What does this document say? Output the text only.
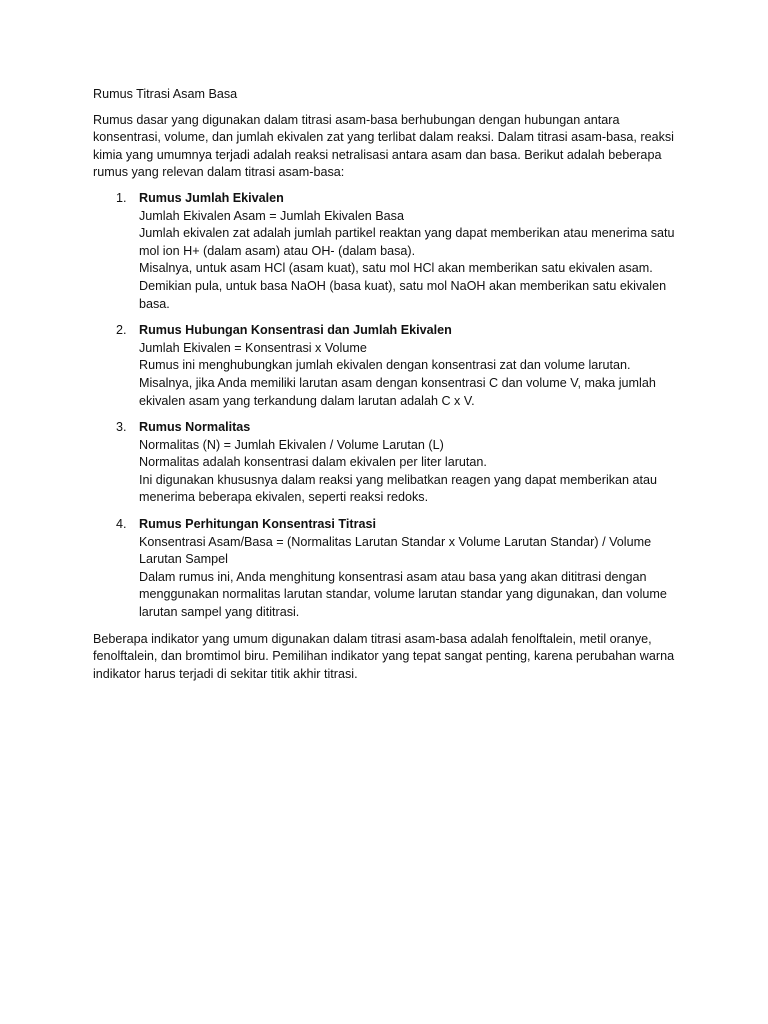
Rumus Titrasi Asam Basa

Rumus dasar yang digunakan dalam titrasi asam-basa berhubungan dengan hubungan antara konsentrasi, volume, dan jumlah ekivalen zat yang terlibat dalam reaksi. Dalam titrasi asam-basa, reaksi kimia yang umumnya terjadi adalah reaksi netralisasi antara asam dan basa. Berikut adalah beberapa rumus yang relevan dalam titrasi asam-basa:

1. Rumus Jumlah Ekivalen
Jumlah Ekivalen Asam = Jumlah Ekivalen Basa
Jumlah ekivalen zat adalah jumlah partikel reaktan yang dapat memberikan atau menerima satu mol ion H+ (dalam asam) atau OH- (dalam basa).
Misalnya, untuk asam HCl (asam kuat), satu mol HCl akan memberikan satu ekivalen asam. Demikian pula, untuk basa NaOH (basa kuat), satu mol NaOH akan memberikan satu ekivalen basa.
2. Rumus Hubungan Konsentrasi dan Jumlah Ekivalen
Jumlah Ekivalen = Konsentrasi x Volume
Rumus ini menghubungkan jumlah ekivalen dengan konsentrasi zat dan volume larutan.
Misalnya, jika Anda memiliki larutan asam dengan konsentrasi C dan volume V, maka jumlah ekivalen asam yang terkandung dalam larutan adalah C x V.
3. Rumus Normalitas
Normalitas (N) = Jumlah Ekivalen / Volume Larutan (L)
Normalitas adalah konsentrasi dalam ekivalen per liter larutan.
Ini digunakan khususnya dalam reaksi yang melibatkan reagen yang dapat memberikan atau menerima beberapa ekivalen, seperti reaksi redoks.
4. Rumus Perhitungan Konsentrasi Titrasi
Konsentrasi Asam/Basa = (Normalitas Larutan Standar x Volume Larutan Standar) / Volume Larutan Sampel
Dalam rumus ini, Anda menghitung konsentrasi asam atau basa yang akan dititrasi dengan menggunakan normalitas larutan standar, volume larutan standar yang digunakan, dan volume larutan sampel yang dititrasi.

Beberapa indikator yang umum digunakan dalam titrasi asam-basa adalah fenolftalein, metil oranye, fenolftalein, dan bromtimol biru. Pemilihan indikator yang tepat sangat penting, karena perubahan warna indikator harus terjadi di sekitar titik akhir titrasi.
